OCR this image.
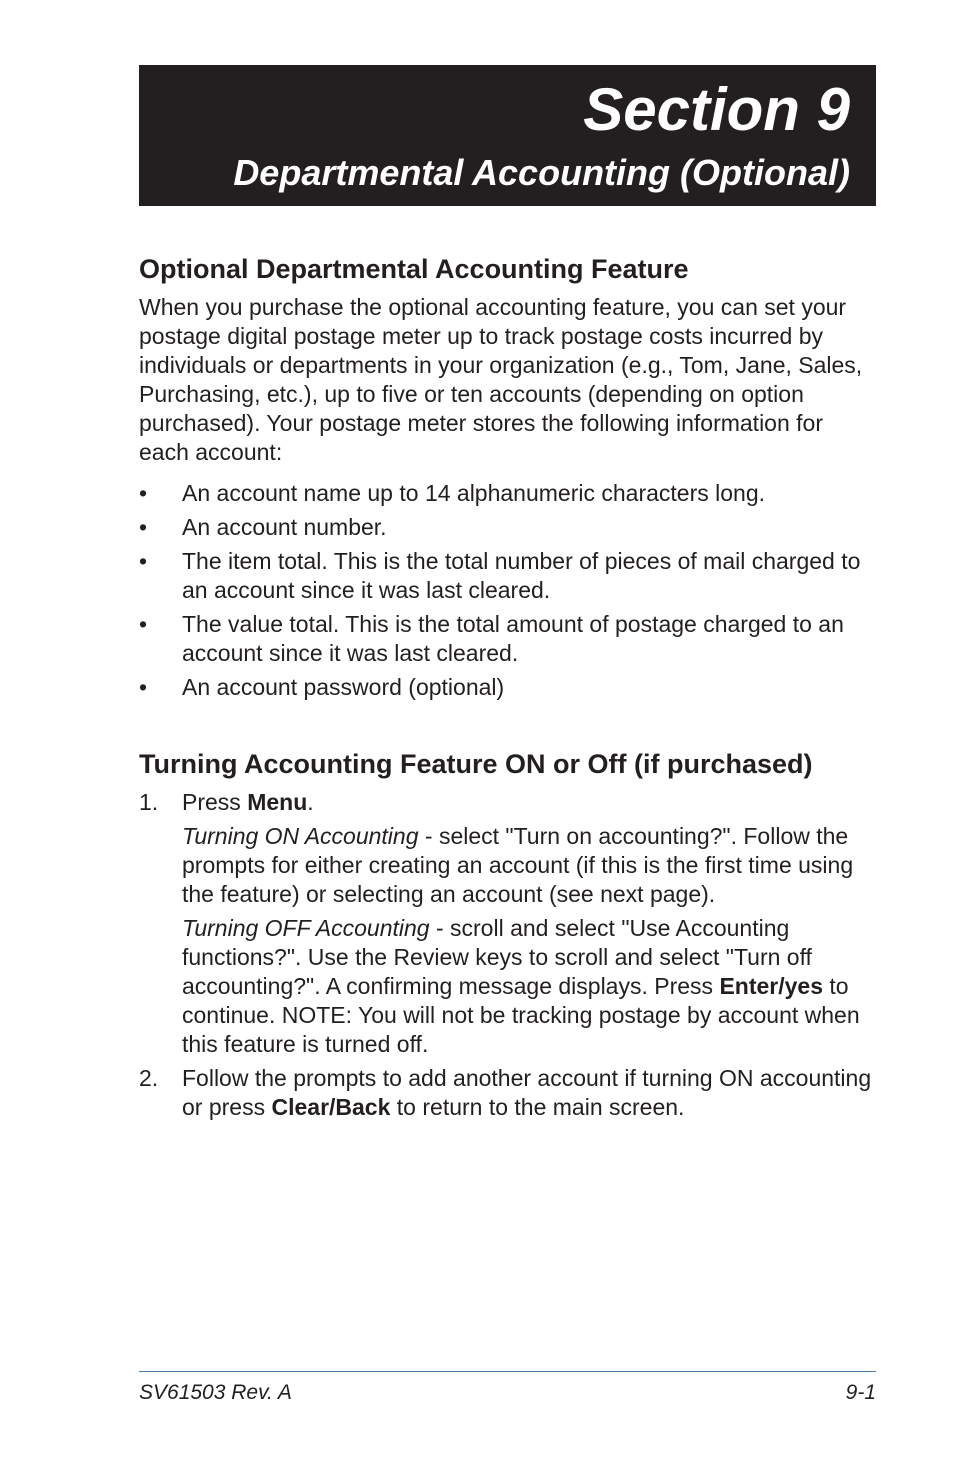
Section 9
Departmental Accounting (Optional)
Optional Departmental Accounting Feature

When you purchase the optional accounting feature, you can set your postage digital postage meter up to track postage costs incurred by individuals or departments in your organization (e.g., Tom, Jane, Sales, Purchasing, etc.), up to five or ten accounts (depending on option purchased). Your postage meter stores the following information for each account:

• An account name up to 14 alphanumeric characters long.
• An account number.
• The item total. This is the total number of pieces of mail charged to an account since it was last cleared.
• The value total. This is the total amount of postage charged to an account since it was last cleared.
• An account password (optional)
Turning Accounting Feature ON or Off (if purchased)
1. Press Menu.
Turning ON Accounting - select "Turn on accounting?". Follow the prompts for either creating an account (if this is the first time using the feature) or selecting an account (see next page).
Turning OFF Accounting - scroll and select "Use Accounting functions?". Use the Review keys to scroll and select "Turn off accounting?". A confirming message displays. Press Enter/yes to continue. NOTE: You will not be tracking postage by account when this feature is turned off.
2. Follow the prompts to add another account if turning ON accounting or press Clear/Back to return to the main screen.
SV61503 Rev. A	9-1
